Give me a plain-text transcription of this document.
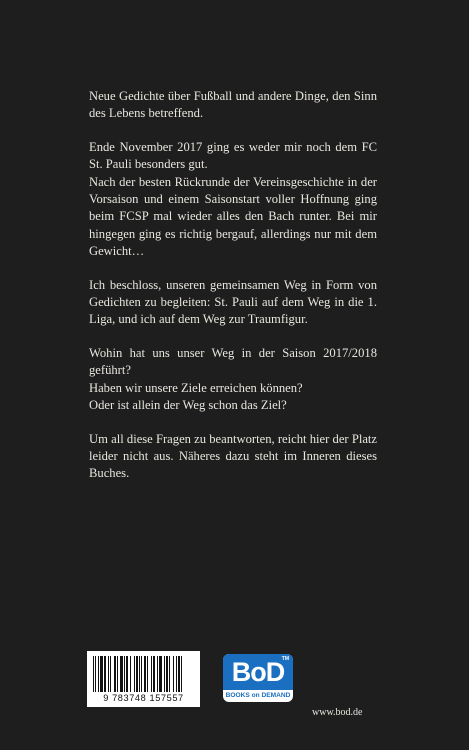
Neue Gedichte über Fußball und andere Dinge, den Sinn des Lebens betreffend.

Ende November 2017 ging es weder mir noch dem FC St. Pauli besonders gut.

Nach der besten Rückrunde der Vereinsgeschichte in der Vorsaison und einem Saisonstart voller Hoffnung ging beim FCSP mal wieder alles den Bach runter. Bei mir hingegen ging es richtig bergauf, allerdings nur mit dem Gewicht…

Ich beschloss, unseren gemeinsamen Weg in Form von Gedichten zu begleiten: St. Pauli auf dem Weg in die 1. Liga, und ich auf dem Weg zur Traumfigur.

Wohin hat uns unser Weg in der Saison 2017/2018 geführt?

Haben wir unsere Ziele erreichen können?

Oder ist allein der Weg schon das Ziel?

Um all diese Fragen zu beantworten, reicht hier der Platz leider nicht aus. Näheres dazu steht im Inneren dieses Buches.

9 783748 157557
BoD
TM
BOOKS on DEMAND
www.bod.de
